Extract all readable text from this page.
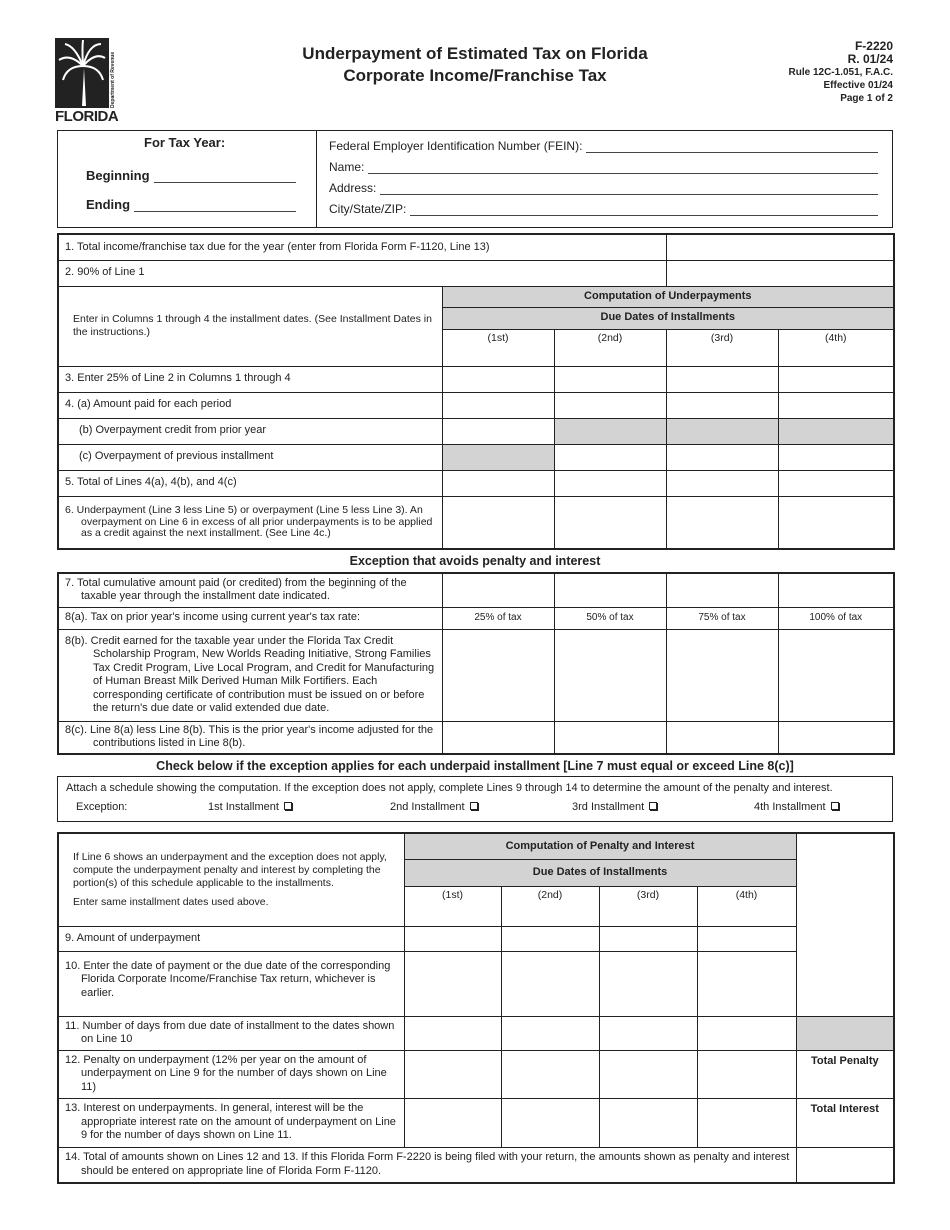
Department of Revenue
FLORIDA
Underpayment of Estimated Tax on Florida
Corporate Income/Franchise Tax
F-2220
R. 01/24
Rule 12C-1.051, F.A.C.
Effective 01/24
Page 1 of 2
For Tax Year:
Beginning
Ending
Federal Employer Identification Number (FEIN):
Name:
Address:
City/State/ZIP:
1. Total income/franchise tax due for the year (enter from Florida Form F-1120, Line 13)				
2. 90% of Line 1				
Enter in Columns 1 through 4 the installment dates. (See Installment Dates in the instructions.)	Computation of Underpayments			
	Due Dates of Installments			
	(1st)	(2nd)	(3rd)	(4th)
3. Enter 25% of Line 2 in Columns 1 through 4				
4. (a) Amount paid for each period				
(b) Overpayment credit from prior year				
(c) Overpayment of previous installment				
5. Total of Lines 4(a), 4(b), and 4(c)				
6. Underpayment (Line 3 less Line 5) or overpayment (Line 5 less Line 3). An overpayment on Line 6 in excess of all prior underpayments is to be applied as a credit against the next installment. (See Line 4c.)				
Exception that avoids penalty and interest
7. Total cumulative amount paid (or credited) from the beginning of the taxable year through the installment date indicated.				
8(a). Tax on prior year's income using current year's tax rate:	25% of tax	50% of tax	75% of tax	100% of tax
8(b). Credit earned for the taxable year under the Florida Tax Credit Scholarship Program, New Worlds Reading Initiative, Strong Families Tax Credit Program, Live Local Program, and Credit for Manufacturing of Human Breast Milk Derived Human Milk Fortifiers. Each corresponding certificate of contribution must be issued on or before the return's due date or valid extended due date.				
8(c). Line 8(a) less Line 8(b). This is the prior year's income adjusted for the contributions listed in Line 8(b).				
Check below if the exception applies for each underpaid installment [Line 7 must equal or exceed Line 8(c)]
Attach a schedule showing the computation. If the exception does not apply, complete Lines 9 through 14 to determine the amount of the penalty and interest.
Exception:	1st Installment	2nd Installment	3rd Installment	4th Installment
If Line 6 shows an underpayment and the exception does not apply, compute the underpayment penalty and interest by completing the portion(s) of this schedule applicable to the installments.
Enter same installment dates used above.	Computation of Penalty and Interest				
	Due Dates of Installments				
	(1st)	(2nd)	(3rd)	(4th)	
9. Amount of underpayment					
10. Enter the date of payment or the due date of the corresponding Florida Corporate Income/Franchise Tax return, whichever is earlier.					
11. Number of days from due date of installment to the dates shown on Line 10					
12. Penalty on underpayment (12% per year on the amount of underpayment on Line 9 for the number of days shown on Line 11)					Total Penalty
13. Interest on underpayments. In general, interest will be the appropriate interest rate on the amount of underpayment on Line 9 for the number of days shown on Line 11.					Total Interest
14. Total of amounts shown on Lines 12 and 13. If this Florida Form F-2220 is being filed with your return, the amounts shown as penalty and interest should be entered on appropriate line of Florida Form F-1120.					
